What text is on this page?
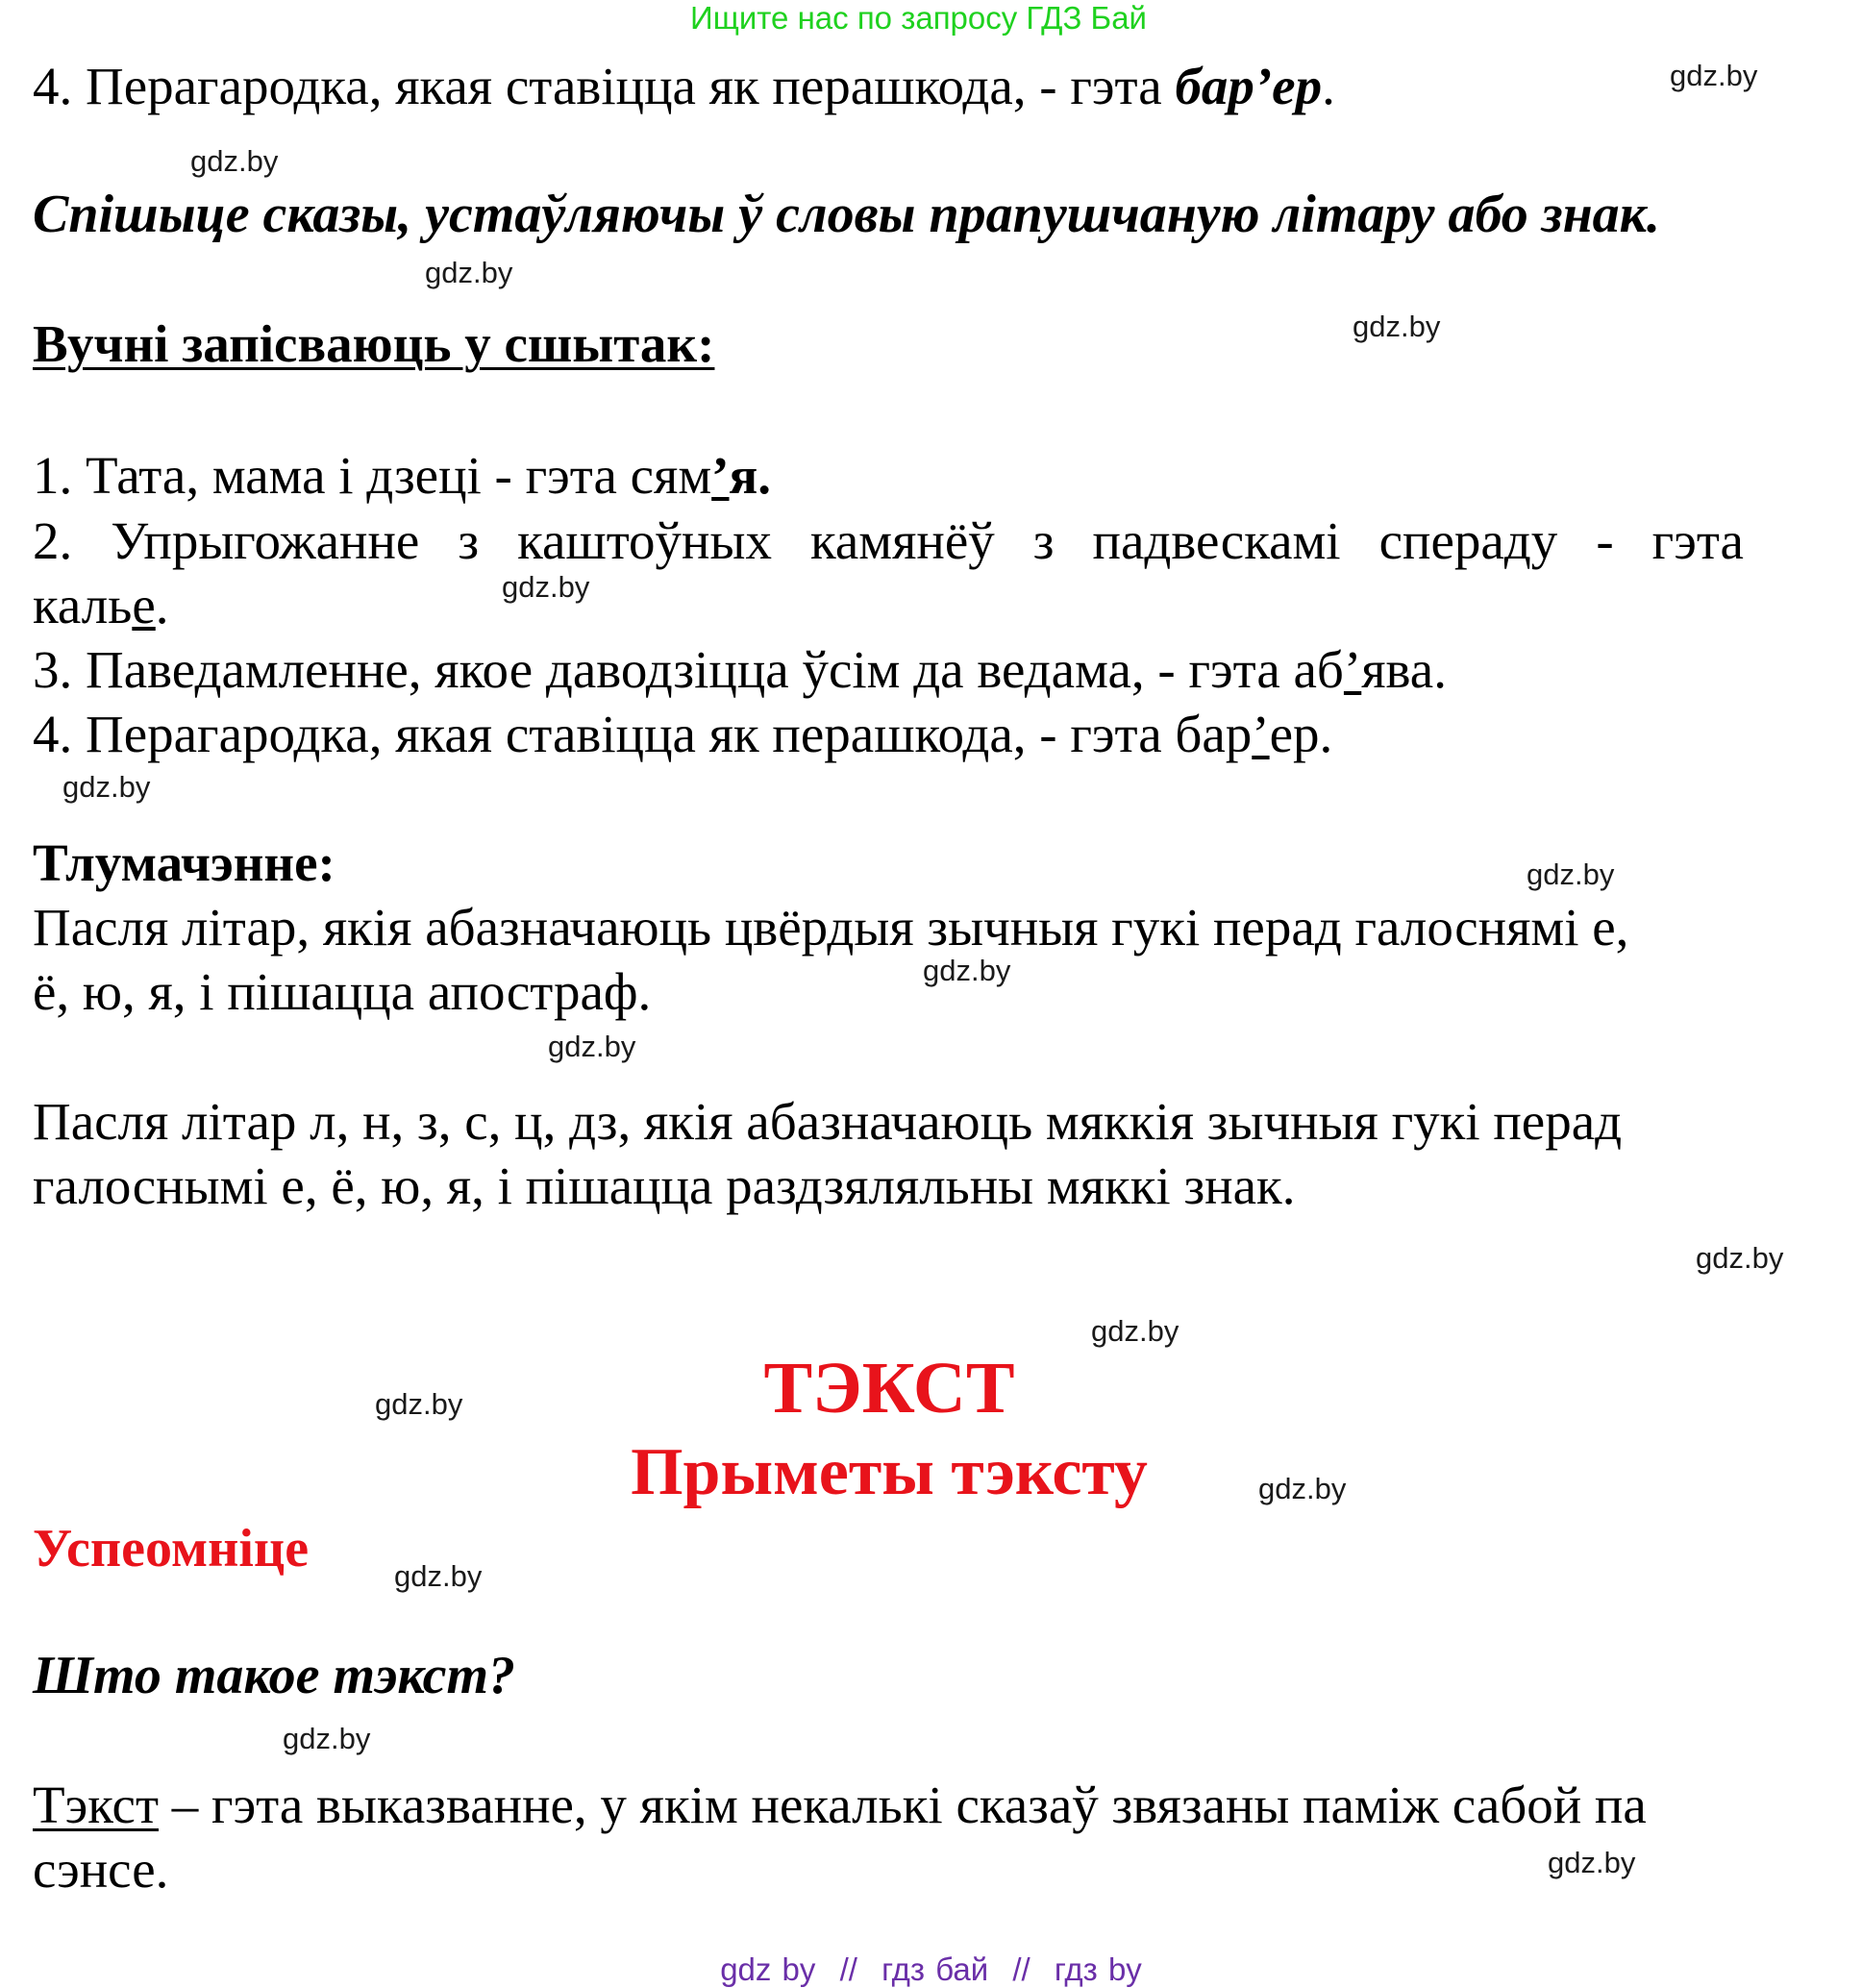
Ищите нас по запросу ГДЗ Бай
4. Перагародка, якая ставіцца як перашкода, - гэта бар’ер.
Спішыце сказы, устаўляючы ў словы прапушчаную літару або знак.
Вучні запісваюць у сшытак:
1. Тата, мама і дзеці - гэта сям’я.
2. Упрыгожанне з каштоўных камянёў з падвескамі спераду - гэта
калье.
3. Паведамленне, якое даводзіцца ўсім да ведама, - гэта аб’ява.
4. Перагародка, якая ставіцца як перашкода, - гэта бар’ер.
Тлумачэнне:
Пасля літар, якія абазначаюць цвёрдыя зычныя гукі перад галоснямі е,
ё, ю, я, і пішацца апостраф.
Пасля літар л, н, з, с, ц, дз, якія абазначаюць мяккія зычныя гукі перад
галоснымі е, ё, ю, я, і пішацца раздзяляльны мяккі знак.
ТЭКСТ
Прыметы тэксту
Успеомніце
Што такое тэкст?
Тэкст – гэта выказванне, у якім некалькі сказаў звязаны паміж сабой па
сэнсе.
gdz.by
gdz.by
gdz.by
gdz.by
gdz.by
gdz.by
gdz.by
gdz.by
gdz.by
gdz.by
gdz.by
gdz.by
gdz.by
gdz.by
gdz.by
gdz.by
gdz by // гдз бай // гдз by
